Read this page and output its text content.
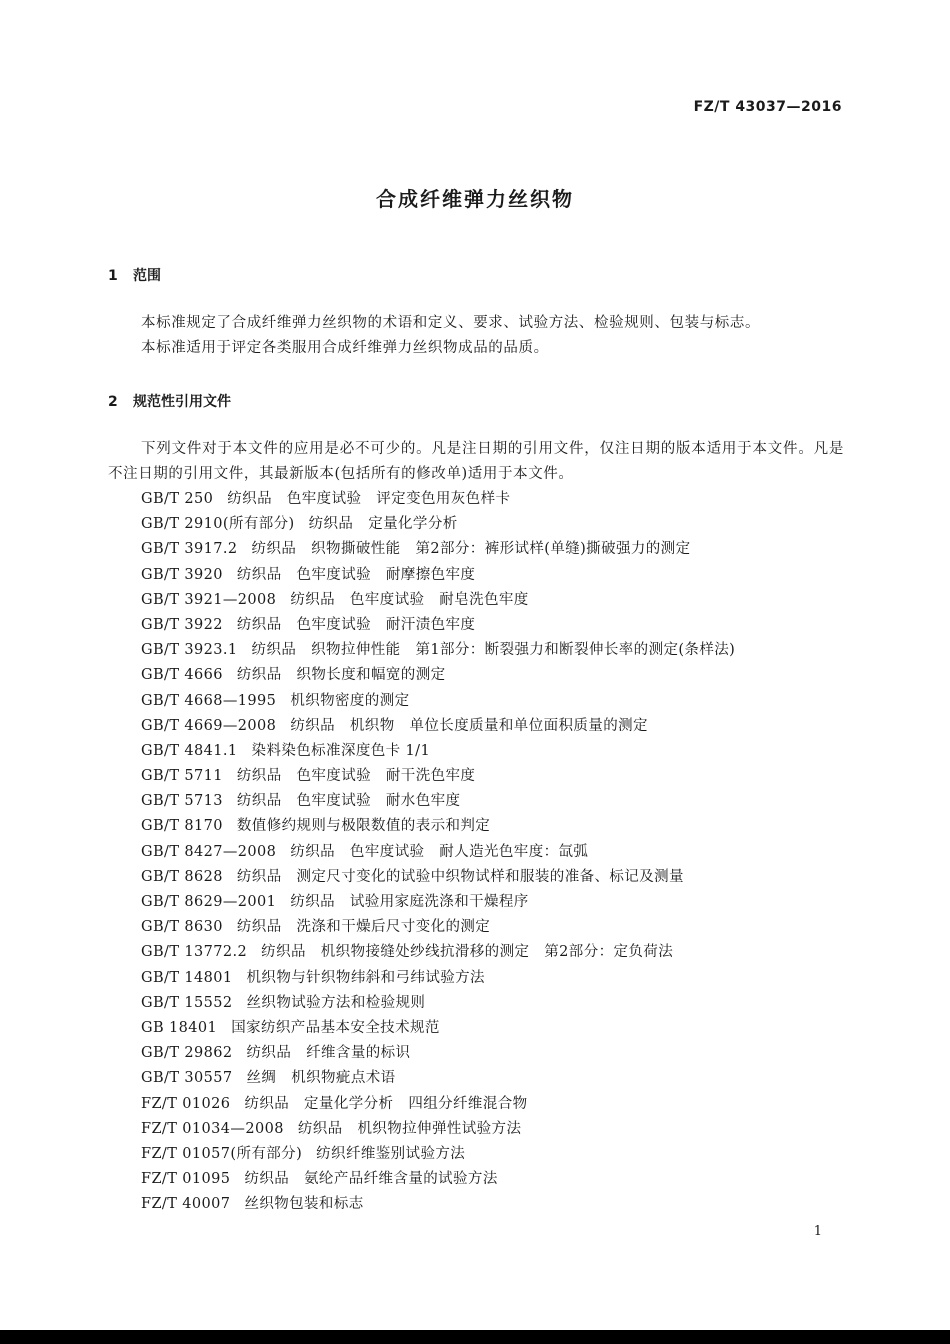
FZ/T 43037—2016
合成纤维弹力丝织物
1 范围
本标准规定了合成纤维弹力丝织物的术语和定义、要求、试验方法、检验规则、包装与标志。
本标准适用于评定各类服用合成纤维弹力丝织物成品的品质。
2 规范性引用文件
下列文件对于本文件的应用是必不可少的。凡是注日期的引用文件，仅注日期的版本适用于本文件。凡是不注日期的引用文件，其最新版本(包括所有的修改单)适用于本文件。
GB/T 250 纺织品　色牢度试验　评定变色用灰色样卡
GB/T 2910(所有部分) 纺织品　定量化学分析
GB/T 3917.2 纺织品　织物撕破性能　第2部分：裤形试样(单缝)撕破强力的测定
GB/T 3920 纺织品　色牢度试验　耐摩擦色牢度
GB/T 3921—2008 纺织品　色牢度试验　耐皂洗色牢度
GB/T 3922 纺织品　色牢度试验　耐汗渍色牢度
GB/T 3923.1 纺织品　织物拉伸性能　第1部分：断裂强力和断裂伸长率的测定(条样法)
GB/T 4666 纺织品　织物长度和幅宽的测定
GB/T 4668—1995 机织物密度的测定
GB/T 4669—2008 纺织品　机织物　单位长度质量和单位面积质量的测定
GB/T 4841.1 染料染色标准深度色卡 1/1
GB/T 5711 纺织品　色牢度试验　耐干洗色牢度
GB/T 5713 纺织品　色牢度试验　耐水色牢度
GB/T 8170 数值修约规则与极限数值的表示和判定
GB/T 8427—2008 纺织品　色牢度试验　耐人造光色牢度：氙弧
GB/T 8628 纺织品　测定尺寸变化的试验中织物试样和服装的准备、标记及测量
GB/T 8629—2001 纺织品　试验用家庭洗涤和干燥程序
GB/T 8630 纺织品　洗涤和干燥后尺寸变化的测定
GB/T 13772.2 纺织品　机织物接缝处纱线抗滑移的测定　第2部分：定负荷法
GB/T 14801 机织物与针织物纬斜和弓纬试验方法
GB/T 15552 丝织物试验方法和检验规则
GB 18401 国家纺织产品基本安全技术规范
GB/T 29862 纺织品　纤维含量的标识
GB/T 30557 丝绸　机织物疵点术语
FZ/T 01026 纺织品　定量化学分析　四组分纤维混合物
FZ/T 01034—2008 纺织品　机织物拉伸弹性试验方法
FZ/T 01057(所有部分) 纺织纤维鉴别试验方法
FZ/T 01095 纺织品　氨纶产品纤维含量的试验方法
FZ/T 40007 丝织物包装和标志
1
